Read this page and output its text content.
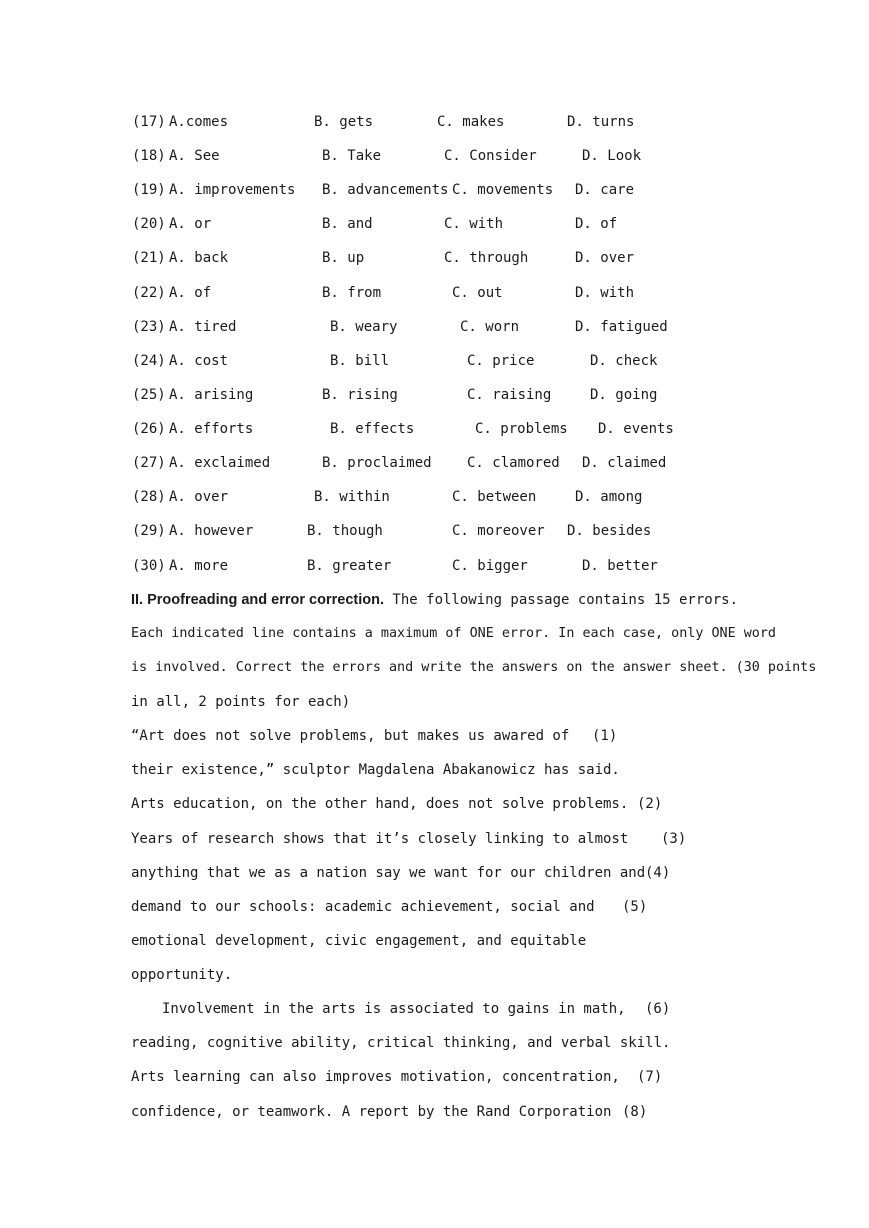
(17) A.comes	B. gets	C. makes	D. turns
(18) A. See	B. Take	C. Consider	D. Look
(19) A. improvements B. advancements C. movements D. care
(20) A. or	B. and	C. with	D. of
(21) A. back	B. up	C. through	D. over
(22) A. of	B. from	C. out	D. with
(23) A. tired	B. weary	C. worn	D. fatigued
(24) A. cost	B. bill	C. price	D. check
(25) A. arising	B. rising	C. raising	D. going
(26) A. efforts	B. effects	C. problems D. events
(27) A. exclaimed	B. proclaimed	C. clamored D. claimed
(28) A. over	B. within	C. between	D. among
(29) A. however	B. though	C. moreover D. besides
(30) A. more	B. greater	C. bigger	D. better
II. Proofreading and error correction. The following passage contains 15 errors.
Each indicated line contains a maximum of ONE error. In each case, only ONE word
is involved. Correct the errors and write the answers on the answer sheet. (30 points
in all, 2 points for each)
“Art does not solve problems, but makes us awared of (1)
their existence,” sculptor Magdalena Abakanowicz has said.
Arts education, on the other hand, does not solve problems. (2)
Years of research shows that it’s closely linking to almost (3)
anything that we as a nation say we want for our children and (4)
demand to our schools: academic achievement, social and (5)
emotional development, civic engagement, and equitable
opportunity.
Involvement in the arts is associated to gains in math, (6)
reading, cognitive ability, critical thinking, and verbal skill.
Arts learning can also improves motivation, concentration, (7)
confidence, or teamwork. A report by the Rand Corporation (8)
